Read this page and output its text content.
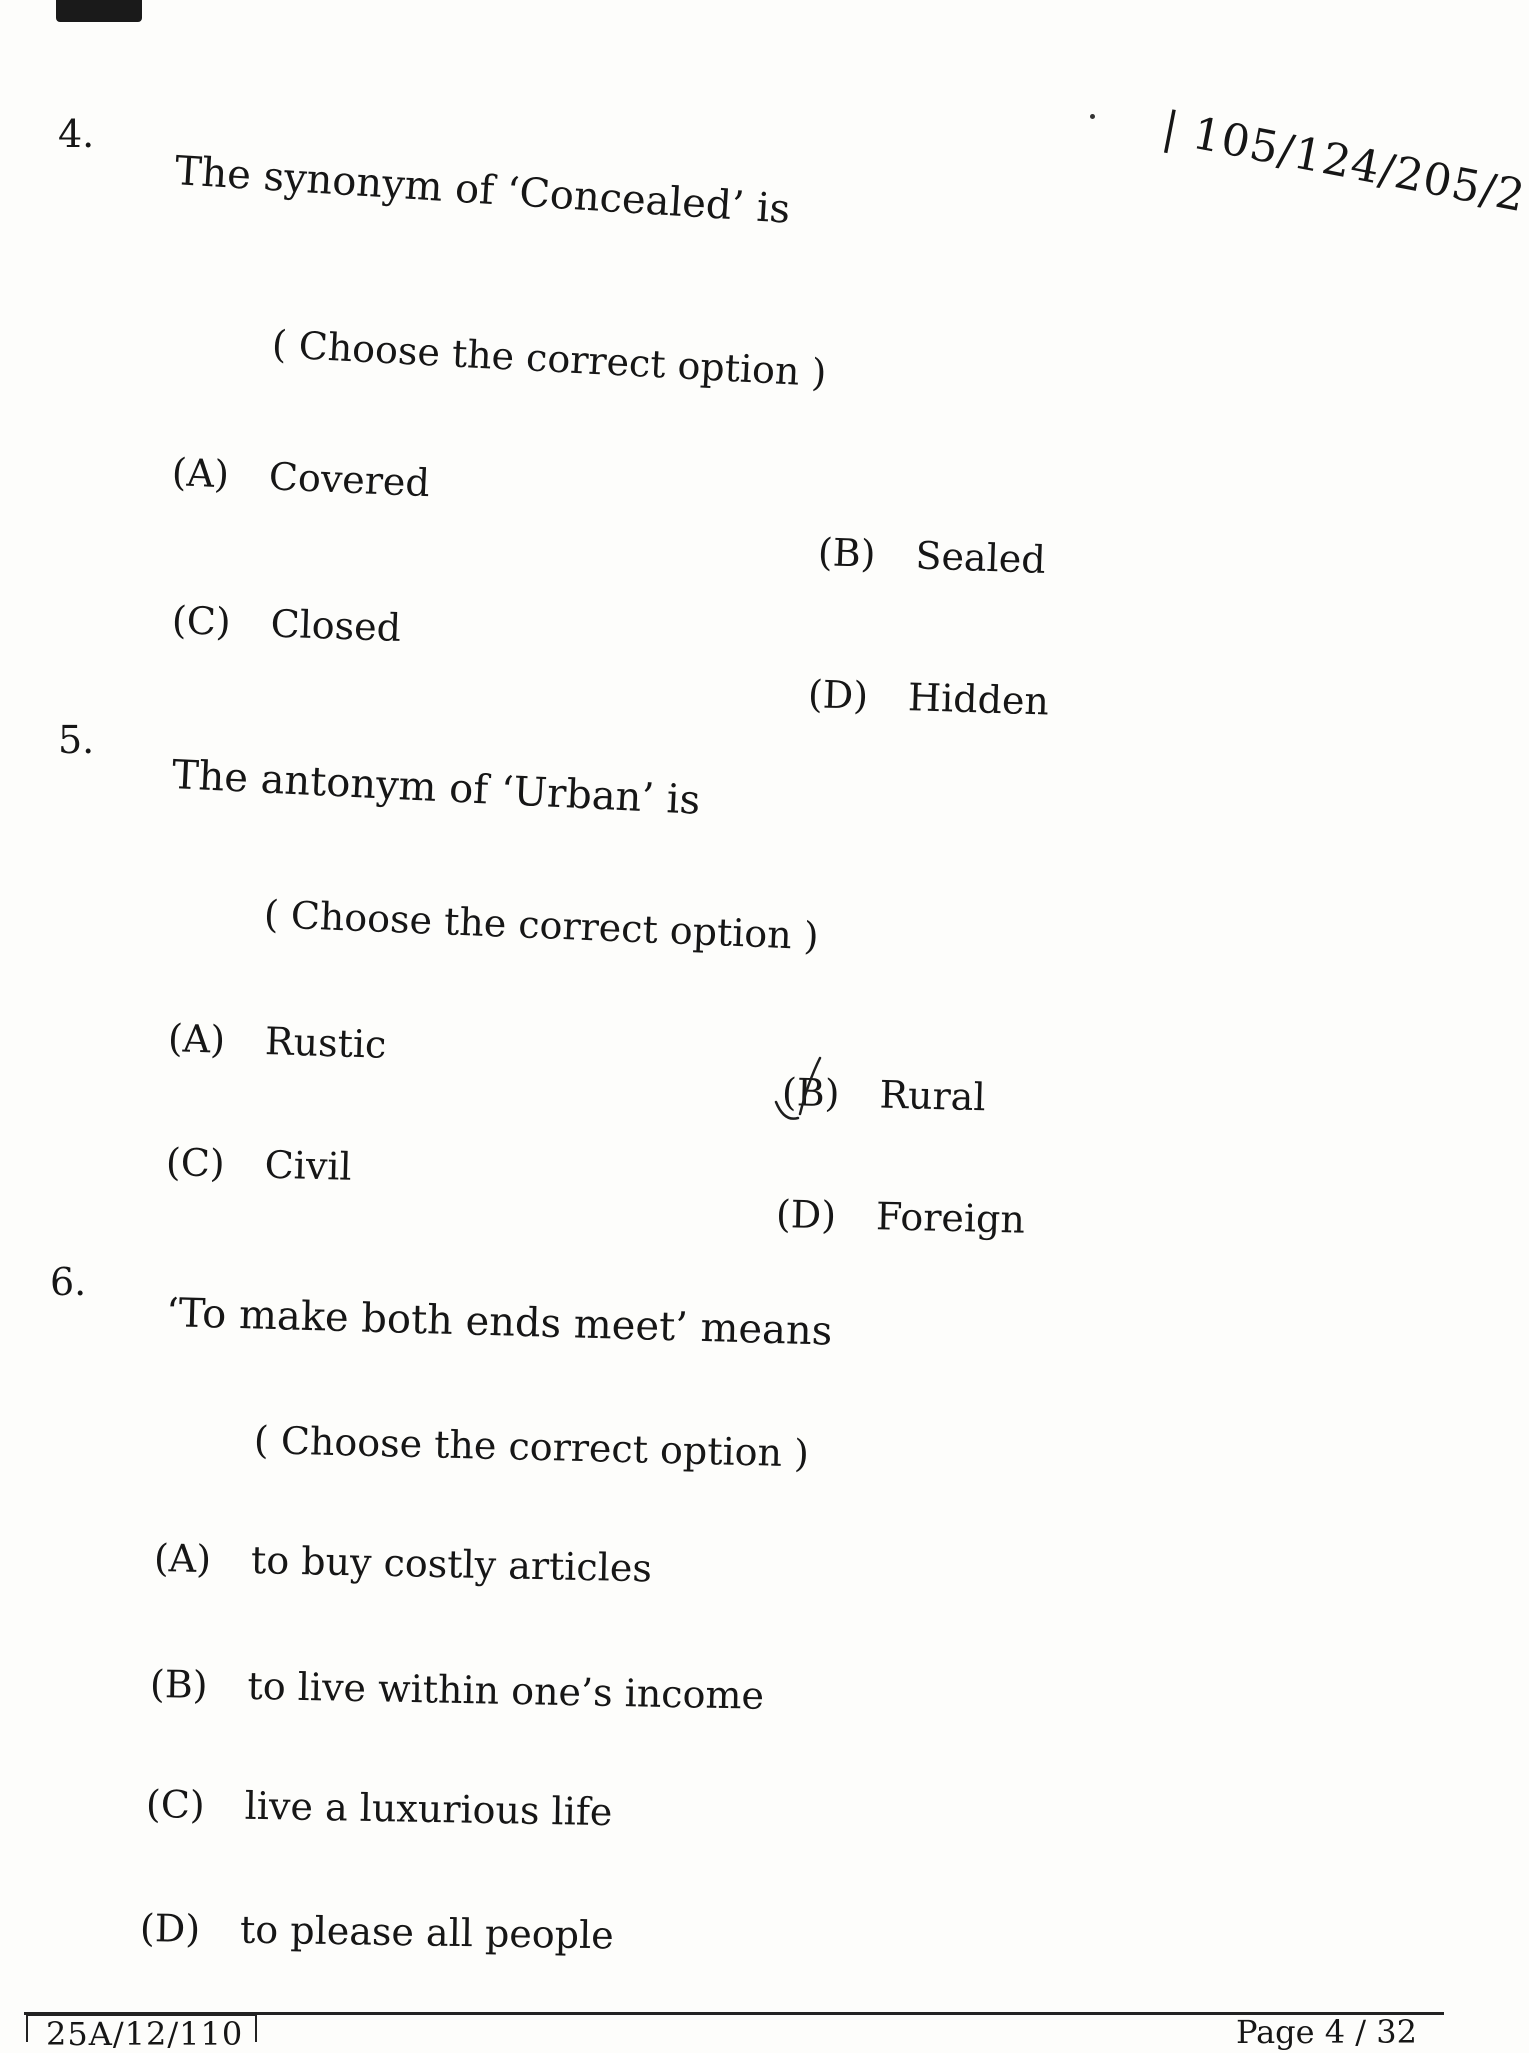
| 105/124/205/2
4.
The synonym of ‘Concealed’ is
( Choose the correct option )
(A) Covered
(B) Sealed
(C) Closed
(D) Hidden
5.
The antonym of ‘Urban’ is
( Choose the correct option )
(A) Rustic
(B) Rural
(C) Civil
(D) Foreign
6.
‘To make both ends meet’ means
( Choose the correct option )
(A) to buy costly articles
(B) to live within one’s income
(C) live a luxurious life
(D) to please all people
25A/12/110	Page 4 / 32
